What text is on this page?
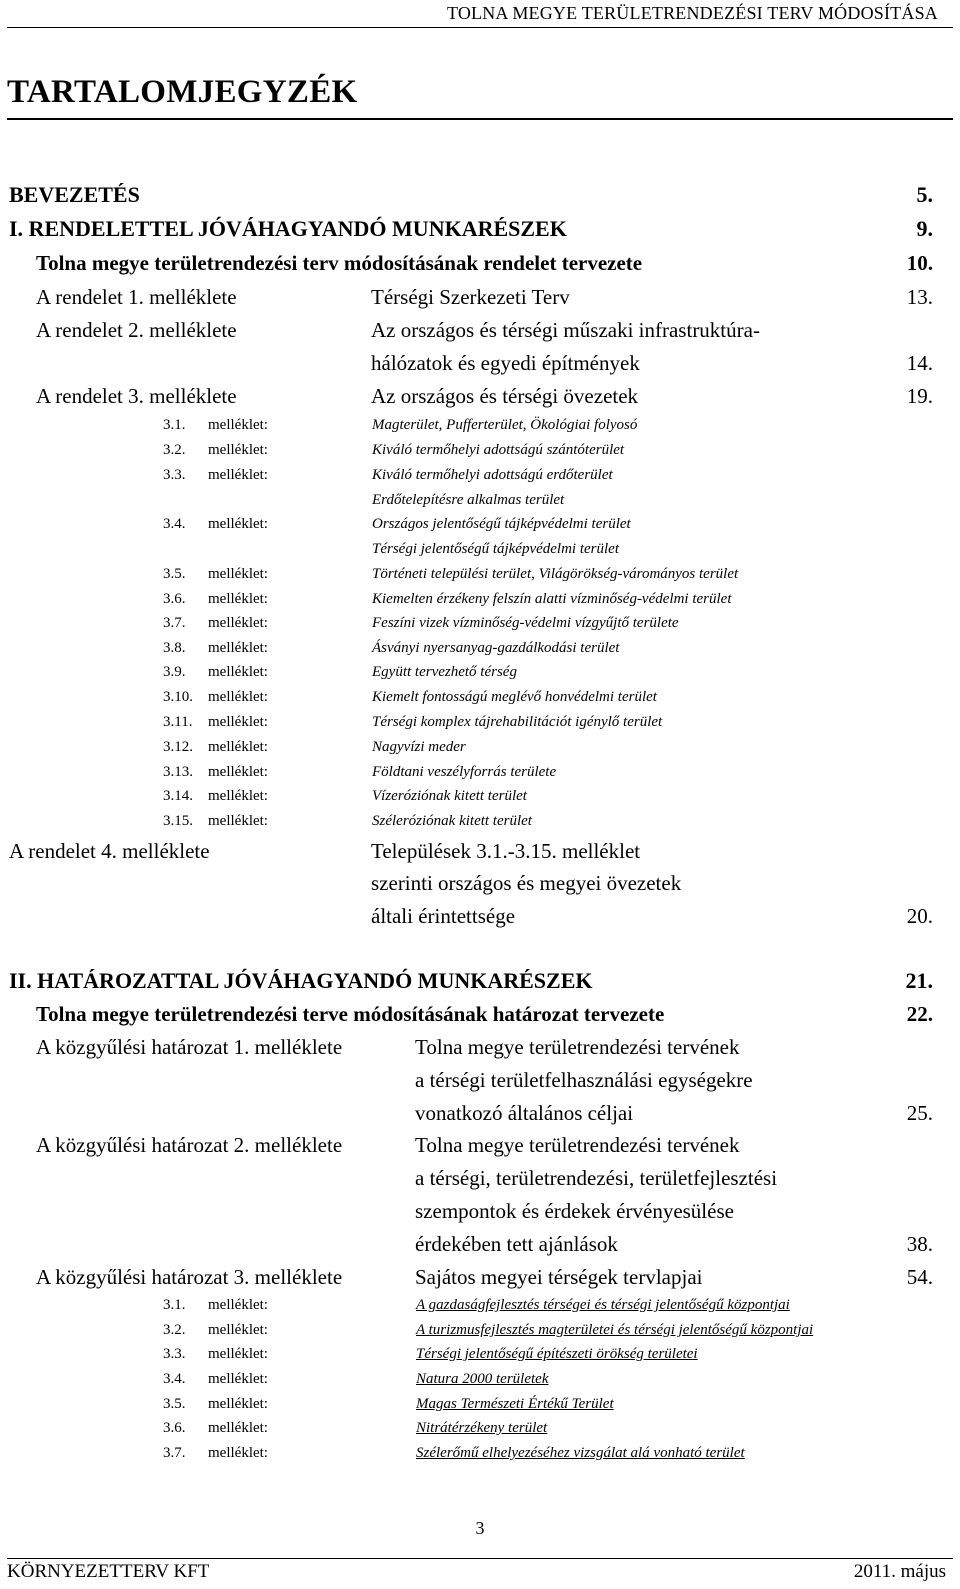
TOLNA MEGYE TERÜLETRENDEZÉSI TERV MÓDOSÍTÁSA
TARTALOMJEGYZÉK
BEVEZETÉS	5.
I. RENDELETTEL JÓVÁHAGYANDÓ MUNKARÉSZEK	9.
Tolna megye területrendezési terv módosításának rendelet tervezete	10.
A rendelet 1. melléklete	Térségi Szerkezeti Terv	13.
A rendelet 2. melléklete	Az országos és térségi műszaki infrastruktúra-
hálózatok és egyedi építmények	14.
A rendelet 3. melléklete	Az országos és térségi övezetek	19.
3.1. melléklet:	Magterület, Pufferterület, Ökológiai folyosó
3.2. melléklet:	Kiváló termőhelyi adottságú szántóterület
3.3. melléklet:	Kiváló termőhelyi adottságú erdőterület
Erdőtelepítésre alkalmas terület
3.4. melléklet:	Országos jelentőségű tájképvédelmi terület
Térségi jelentőségű tájképvédelmi terület
3.5. melléklet:	Történeti települési terület, Világörökség-várományos terület
3.6. melléklet:	Kiemelten érzékeny felszín alatti vízminőség-védelmi terület
3.7. melléklet:	Feszíni vizek vízminőség-védelmi vízgyűjtő területe
3.8. melléklet:	Ásványi nyersanyag-gazdálkodási terület
3.9. melléklet:	Együtt tervezhető térség
3.10. melléklet:	Kiemelt fontosságú meglévő honvédelmi terület
3.11. melléklet:	Térségi komplex tájrehabilitációt igénylő terület
3.12. melléklet:	Nagyvízi meder
3.13. melléklet:	Földtani veszélyforrás területe
3.14. melléklet:	Vízeróziónak kitett terület
3.15. melléklet:	Széleróziónak kitett terület
A rendelet 4. melléklete	Települések 3.1.-3.15. melléklet
szerinti országos és megyei övezetek
általi érintettsége	20.
II. HATÁROZATTAL JÓVÁHAGYANDÓ MUNKARÉSZEK	21.
Tolna megye területrendezési terve módosításának határozat tervezete	22.
A közgyűlési határozat 1. melléklete	Tolna megye területrendezési tervének
a térségi területfelhasználási egységekre
vonatkozó általános céljai	25.
A közgyűlési határozat 2. melléklete	Tolna megye területrendezési tervének
a térségi, területrendezési, területfejlesztési
szempontok és érdekek érvényesülése
érdekében tett ajánlások	38.
A közgyűlési határozat 3. melléklete	Sajátos megyei térségek tervlapjai	54.
3.1. melléklet:	A gazdaságfejlesztés térségei és térségi jelentőségű központjai
3.2. melléklet:	A turizmusfejlesztés magterületei és térségi jelentőségű központjai
3.3. melléklet:	Térségi jelentőségű építészeti örökség területei
3.4. melléklet:	Natura 2000 területek
3.5. melléklet:	Magas Természeti Értékű Terület
3.6. melléklet:	Nitrátérzékeny terület
3.7. melléklet:	Szélerőmű elhelyezéséhez vizsgálat alá vonható terület
3
KÖRNYEZETTERV KFT	2011. május
